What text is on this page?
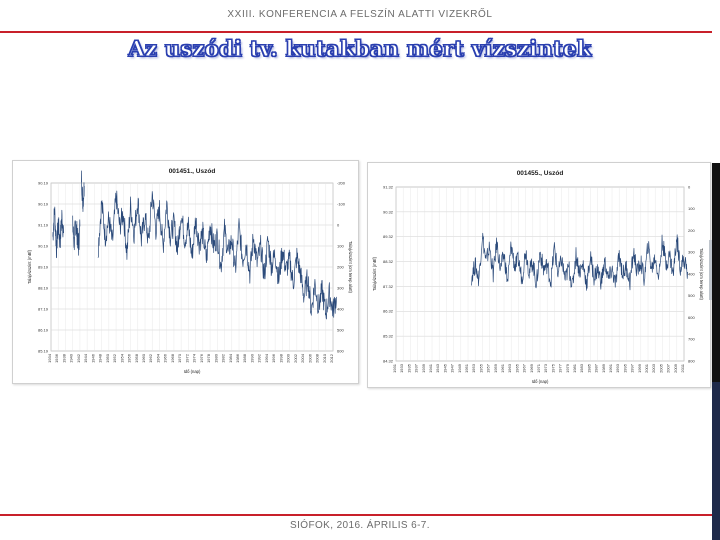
XXIII. KONFERENCIA A FELSZÍN ALATTI VIZEKRŐL
Az uszódi tv. kutakban mért vízszintek
001451., Uszód
90.19
90.19
91.19
90.19
89.19
88.19
87.19
86.19
85.19
-200
-100
0
100
200
300
400
500
600
1934 1936 1938 1940 1942 1944 1946 1948 1950 1952 1954 1956 1958 1960 1962 1964 1966 1968 1970 1972 1974 1976 1978 1980 1982 1984 1986 1988 1990 1992 1994 1996 1998 2000 2002 2004 2006 2008 2010 2012
Idő (nap)
Talajvízszint (mBf)	Talajvízszint (cm terep alatt)
001455., Uszód
91.32
90.32
89.32
88.32
87.32
86.32
85.32
84.32
0
100
200
300
400
500
600
700
800
1931 1933 1935 1937 1939 1941 1943 1945 1947 1949 1951 1953 1955 1957 1959 1961 1963 1965 1967 1969 1971 1973 1975 1977 1979 1981 1983 1985 1987 1989 1991 1993 1995 1997 1999 2001 2003 2005 2007 2009 2011
Idő (nap)
Talajvízszint (mBf)	Talajvízszint (cm terep alatt)
SIÓFOK, 2016. ÁPRILIS 6-7.
